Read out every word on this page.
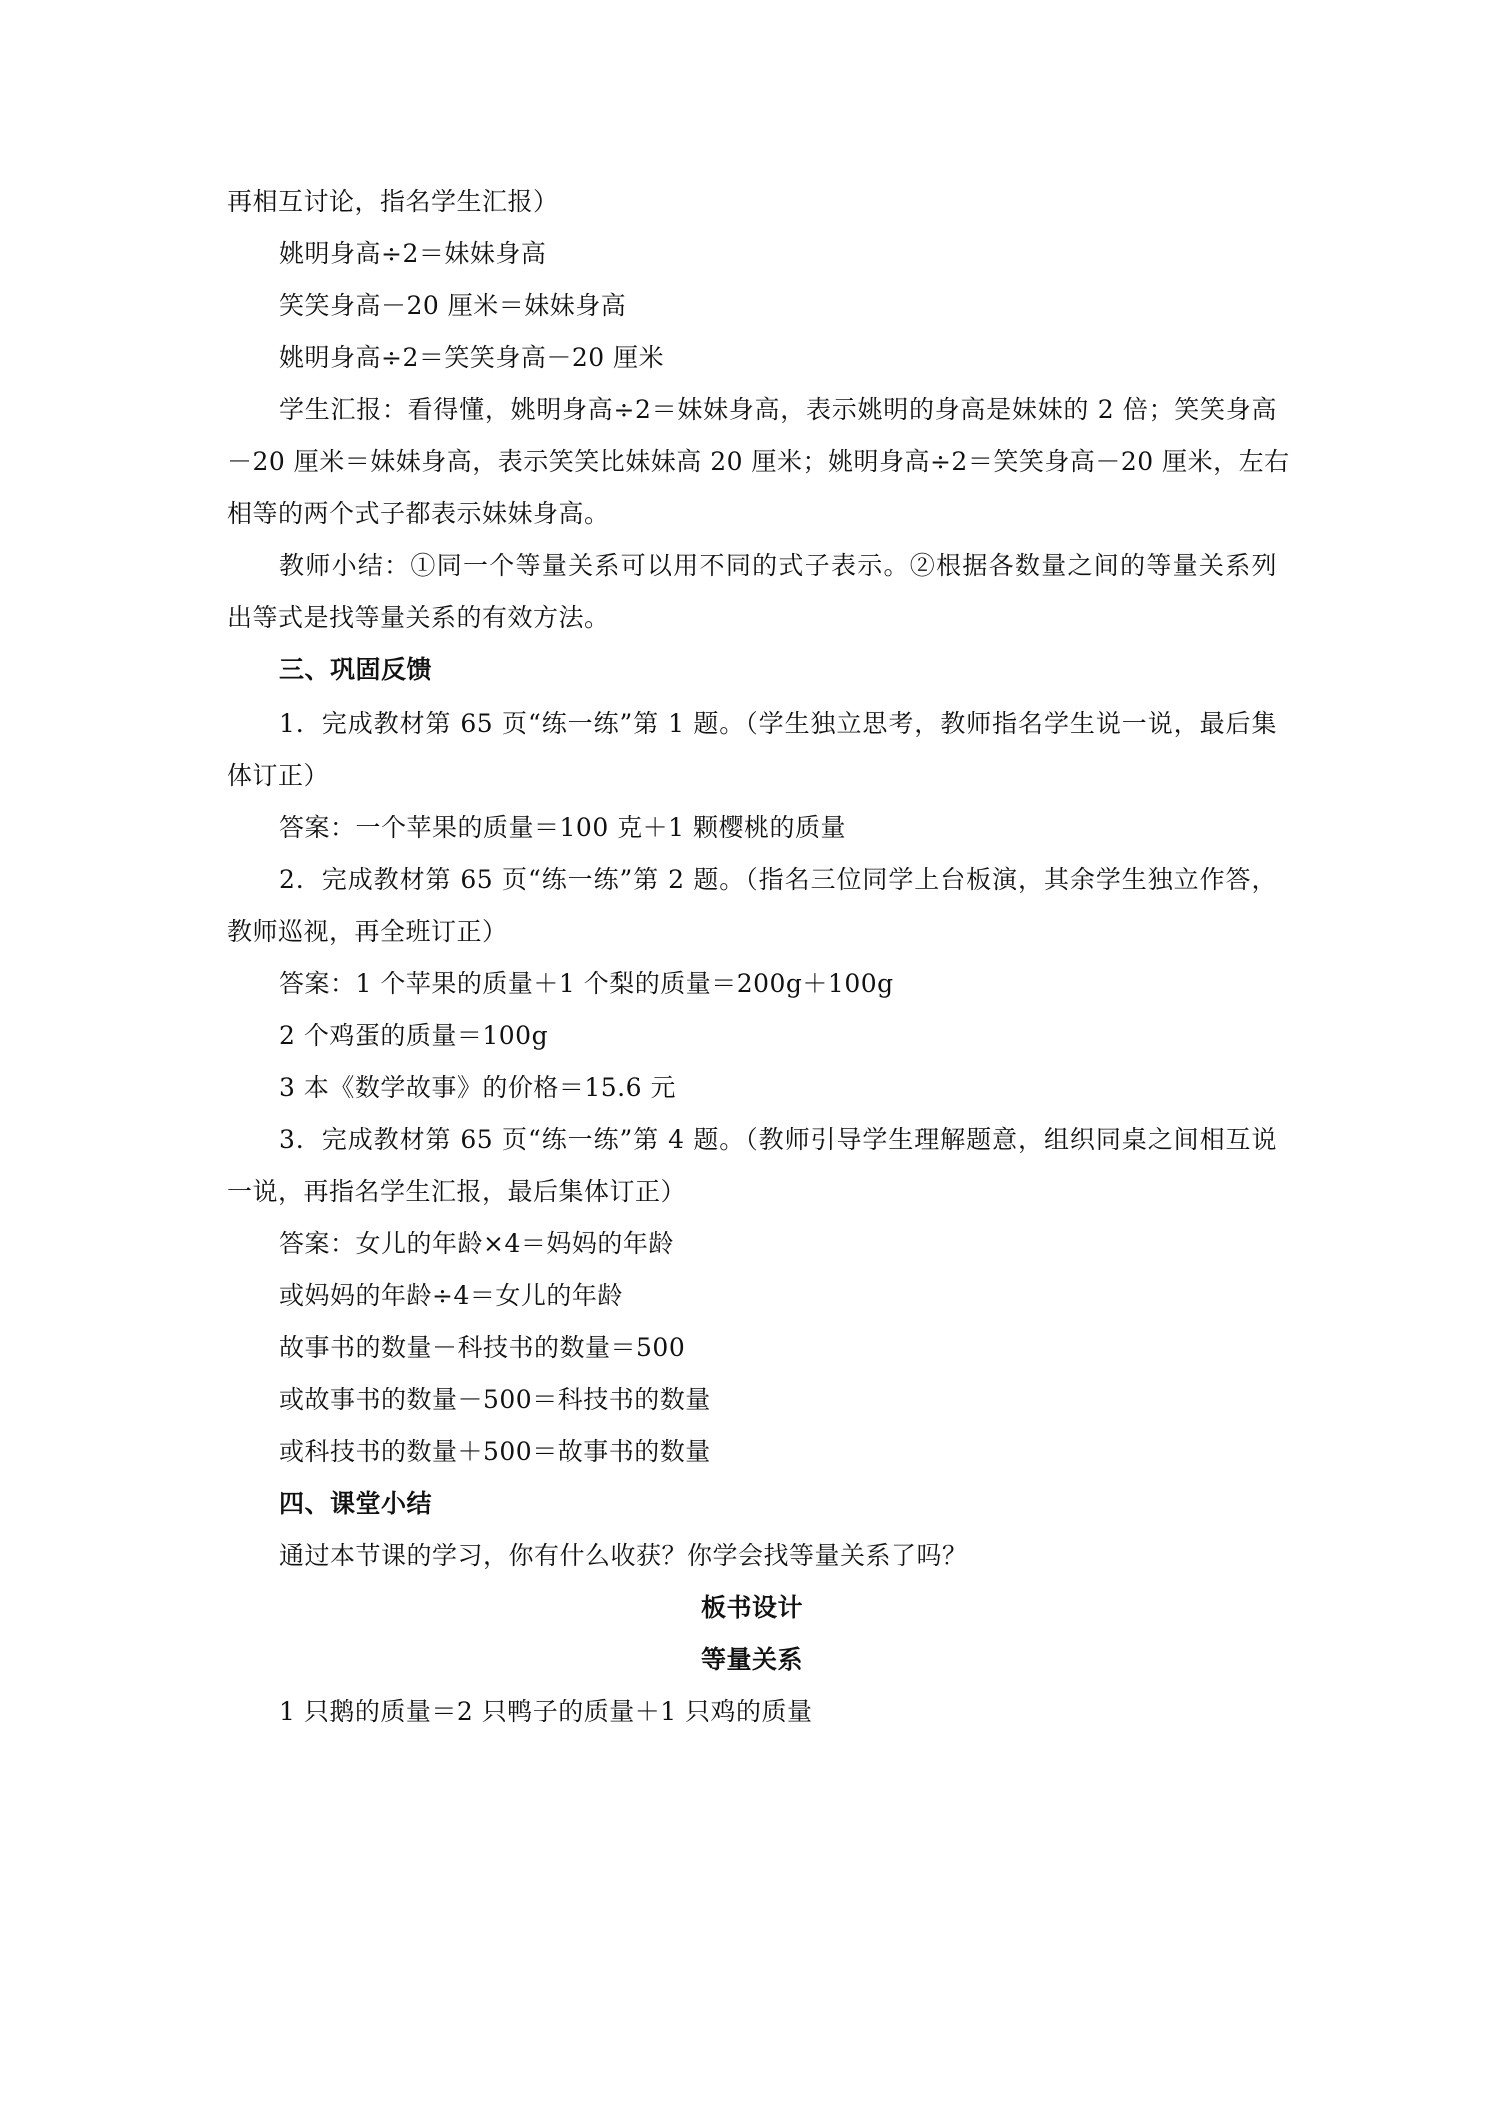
再相互讨论，指名学生汇报）
姚明身高÷2＝妹妹身高
笑笑身高－20 厘米＝妹妹身高
姚明身高÷2＝笑笑身高－20 厘米
学生汇报：看得懂，姚明身高÷2＝妹妹身高，表示姚明的身高是妹妹的 2 倍；笑笑身高
－20 厘米＝妹妹身高，表示笑笑比妹妹高 20 厘米；姚明身高÷2＝笑笑身高－20 厘米，左右
相等的两个式子都表示妹妹身高。
教师小结：①同一个等量关系可以用不同的式子表示。②根据各数量之间的等量关系列
出等式是找等量关系的有效方法。
三、巩固反馈
1．完成教材第 65 页“练一练”第 1 题。（学生独立思考，教师指名学生说一说，最后集
体订正）
答案：一个苹果的质量＝100 克＋1 颗樱桃的质量
2．完成教材第 65 页“练一练”第 2 题。（指名三位同学上台板演，其余学生独立作答，
教师巡视，再全班订正）
答案：1 个苹果的质量＋1 个梨的质量＝200g＋100g
2 个鸡蛋的质量＝100g
3 本《数学故事》的价格＝15.6 元
3．完成教材第 65 页“练一练”第 4 题。（教师引导学生理解题意，组织同桌之间相互说
一说，再指名学生汇报，最后集体订正）
答案：女儿的年龄×4＝妈妈的年龄
或妈妈的年龄÷4＝女儿的年龄
故事书的数量－科技书的数量＝500
或故事书的数量－500＝科技书的数量
或科技书的数量＋500＝故事书的数量
四、课堂小结
通过本节课的学习，你有什么收获？你学会找等量关系了吗？
板书设计
等量关系
1 只鹅的质量＝2 只鸭子的质量＋1 只鸡的质量
